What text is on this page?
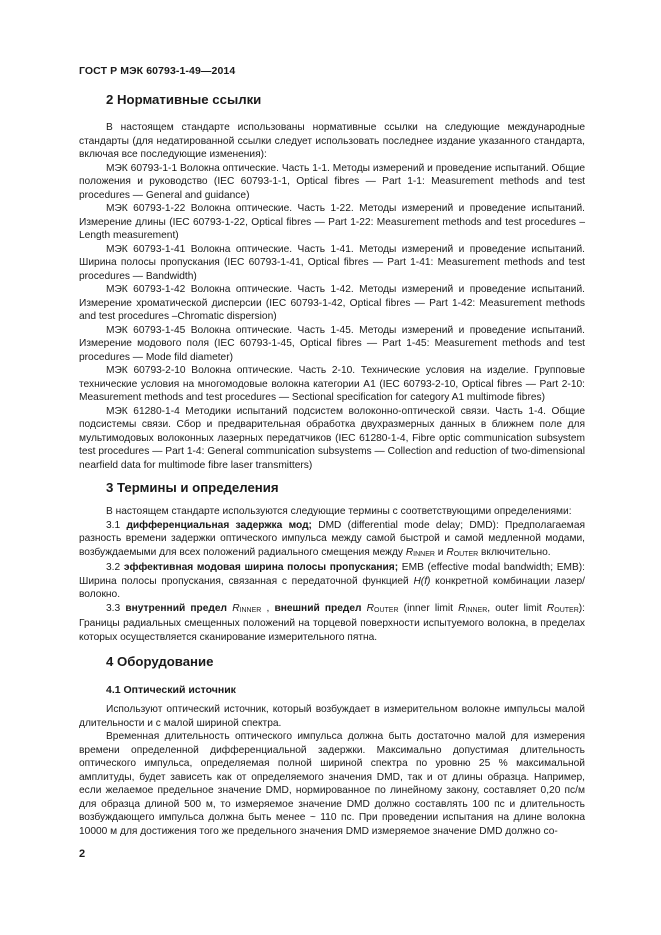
ГОСТ Р МЭК 60793-1-49—2014
2 Нормативные ссылки

В настоящем стандарте использованы нормативные ссылки на следующие международные стандарты (для недатированной ссылки следует использовать последнее издание указанного стандарта, включая все последующие изменения):

МЭК 60793-1-1 Волокна оптические. Часть 1-1. Методы измерений и проведение испытаний. Общие положения и руководство (IEC 60793-1-1, Optical fibres — Part 1-1: Measurement methods and test procedures — General and guidance)

МЭК 60793-1-22 Волокна оптические. Часть 1-22. Методы измерений и проведение испытаний. Измерение длины (IEC 60793-1-22, Optical fibres — Part 1-22: Measurement methods and test procedures –Length measurement)

МЭК 60793-1-41 Волокна оптические. Часть 1-41. Методы измерений и проведение испытаний. Ширина полосы пропускания (IEC 60793-1-41, Optical fibres — Part 1-41: Measurement methods and test procedures — Bandwidth)

МЭК 60793-1-42 Волокна оптические. Часть 1-42. Методы измерений и проведение испытаний. Измерение хроматической дисперсии (IEC 60793-1-42, Optical fibres — Part 1-42: Measurement methods and test procedures –Chromatic dispersion)

МЭК 60793-1-45 Волокна оптические. Часть 1-45. Методы измерений и проведение испытаний. Измерение модового поля (IEC 60793-1-45, Optical fibres — Part 1-45: Measurement methods and test procedures — Mode fild diameter)

МЭК 60793-2-10 Волокна оптические. Часть 2-10. Технические условия на изделие. Групповые технические условия на многомодовые волокна категории А1 (IEC 60793-2-10, Optical fibres — Part 2-10: Measurement methods and test procedures — Sectional specification for category A1 multimode fibres)

МЭК 61280-1-4 Методики испытаний подсистем волоконно-оптической связи. Часть 1-4. Общие подсистемы связи. Сбор и предварительная обработка двухразмерных данных в ближнем поле для мультимодовых волоконных лазерных передатчиков (IEC 61280-1-4, Fibre optic communication subsystem test procedures — Part 1-4: General communication subsystems — Collection and reduction of two-dimensional nearfield data for multimode fibre laser transmitters)

3 Термины и определения

В настоящем стандарте используются следующие термины с соответствующими определениями:

3.1 дифференциальная задержка мод; DMD (differential mode delay; DMD): Предполагаемая разность времени задержки оптического импульса между самой быстрой и самой медленной модами, возбуждаемыми для всех положений радиального смещения между $R_{INNER}$ и $R_{OUTER}$ включительно.

3.2 эффективная модовая ширина полосы пропускания; EMB (effective modal bandwidth; EMB): Ширина полосы пропускания, связанная с передаточной функцией H(f) конкретной комбинации лазер/волокно.

3.3 внутренний предел $R_{INNER}$ , внешний предел $R_{OUTER}$ (inner limit $R_{INNER}$, outer limit $R_{OUTER}$): Границы радиальных смещенных положений на торцевой поверхности испытуемого волокна, в пределах которых осуществляется сканирование измерительного пятна.

4 Оборудование
4.1 Оптический источник

Используют оптический источник, который возбуждает в измерительном волокне импульсы малой длительности и с малой шириной спектра.

Временная длительность оптического импульса должна быть достаточно малой для измерения времени определенной дифференциальной задержки. Максимально допустимая длительность оптического импульса, определяемая полной шириной спектра по уровню 25 % максимальной амплитуды, будет зависеть как от определяемого значения DMD, так и от длины образца. Например, если желаемое предельное значение DMD, нормированное по линейному закону, составляет 0,20 пс/м для образца длиной 500 м, то измеряемое значение DMD должно составлять 100 пс и длительность возбуждающего импульса должна быть менее ~ 110 пс. При проведении испытания на длине волокна 10000 м для достижения того же предельного значения DMD измеряемое значение DMD должно со-

2
